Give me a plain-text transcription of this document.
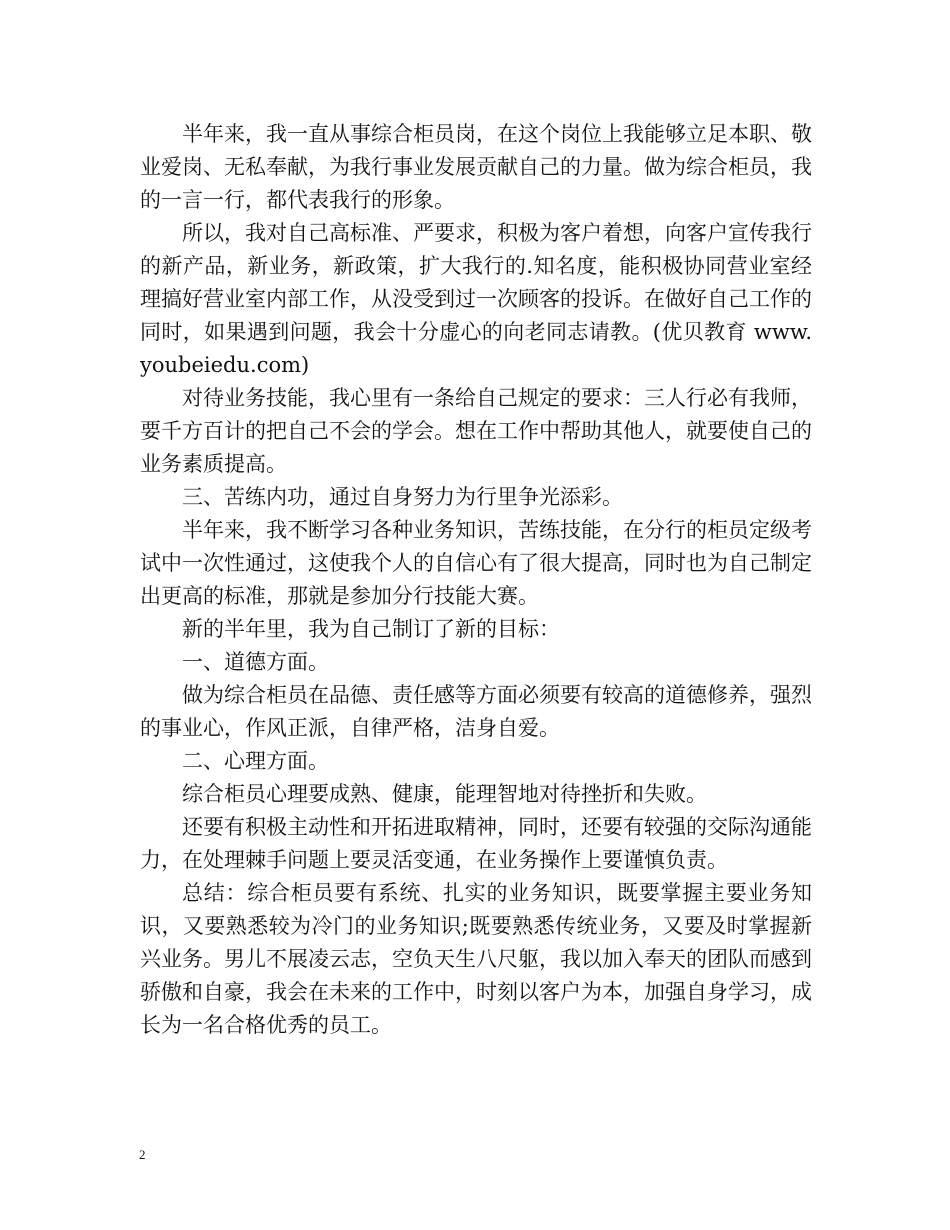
半年来，我一直从事综合柜员岗，在这个岗位上我能够立足本职、敬业爱岗、无私奉献，为我行事业发展贡献自己的力量。做为综合柜员，我的一言一行，都代表我行的形象。

所以，我对自己高标准、严要求，积极为客户着想，向客户宣传我行的新产品，新业务，新政策，扩大我行的.知名度，能积极协同营业室经理搞好营业室内部工作，从没受到过一次顾客的投诉。在做好自己工作的同时，如果遇到问题，我会十分虚心的向老同志请教。(优贝教育 www.youbeiedu.com)

对待业务技能，我心里有一条给自己规定的要求：三人行必有我师，要千方百计的把自己不会的学会。想在工作中帮助其他人，就要使自己的业务素质提高。

三、苦练内功，通过自身努力为行里争光添彩。

半年来，我不断学习各种业务知识，苦练技能，在分行的柜员定级考试中一次性通过，这使我个人的自信心有了很大提高，同时也为自己制定出更高的标准，那就是参加分行技能大赛。

新的半年里，我为自己制订了新的目标：

一、道德方面。

做为综合柜员在品德、责任感等方面必须要有较高的道德修养，强烈的事业心，作风正派，自律严格，洁身自爱。

二、心理方面。

综合柜员心理要成熟、健康，能理智地对待挫折和失败。

还要有积极主动性和开拓进取精神，同时，还要有较强的交际沟通能力，在处理棘手问题上要灵活变通，在业务操作上要谨慎负责。

总结：综合柜员要有系统、扎实的业务知识，既要掌握主要业务知识，又要熟悉较为冷门的业务知识;既要熟悉传统业务，又要及时掌握新兴业务。男儿不展凌云志，空负天生八尺躯，我以加入奉天的团队而感到骄傲和自豪，我会在未来的工作中，时刻以客户为本，加强自身学习，成长为一名合格优秀的员工。

2
